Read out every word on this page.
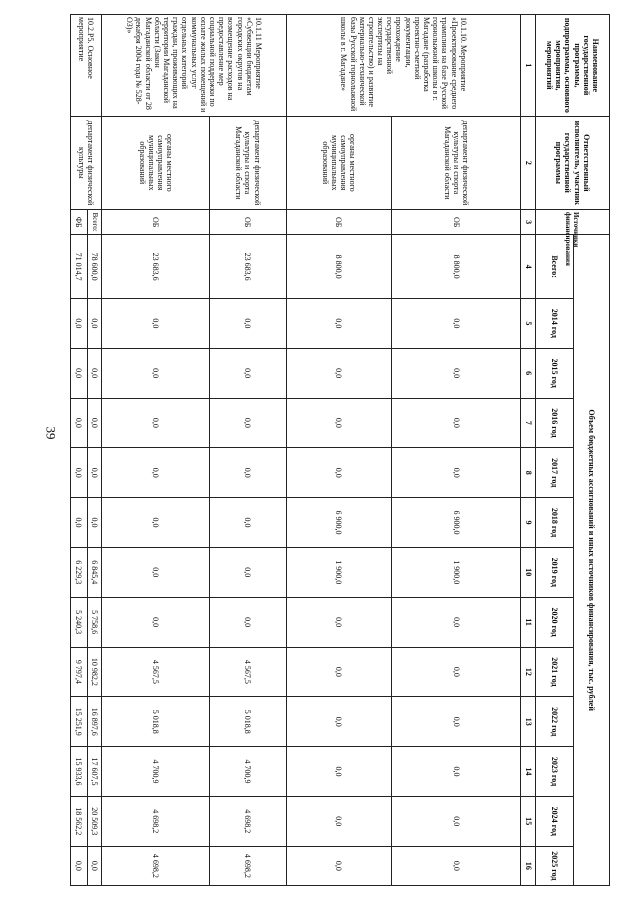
39
Наименование государственной программы, подпрограммы, основного мероприятия, мероприятий	Ответственный исполнитель, участник государственной программы	Источники финансирования	Объем бюджетных ассигнований и иных источников финансирования, тыс. рублей												
			Всего:	2014 год	2015 год	2016 год	2017 год	2018 год	2019 год	2020 год	2021 год	2022 год	2023 год	2024 год	2025 год
1	2	3	4	5	6	7	8	9	10	11	12	13	14	15	16
10.1.10. Мероприятие «Проектирование среднего трамплина на базе Русской горнолыжной школы в г. Магадане (разработка проектно-сметной документации, прохождение государственной экспертизы на строительство) и развитие материально-технической базы Русской горнолыжной школы в г. Магадане»	департамент физической культуры и спорта Магаданской области	ОБ	8 800,0	0,0	0,0	0,0	0,0	6 900,0	1 900,0	0,0	0,0	0,0	0,0	0,0	0,0
	органы местного самоуправления муниципальных образований	ОБ	8 800,0	0,0	0,0	0,0	0,0	6 900,0	1 900,0	0,0	0,0	0,0	0,0	0,0	0,0
10.1.11 Мероприятие «Субвенции бюджетам городских округов на возмещение расходов на предоставление мер социальной поддержки по оплате жилых помещений и коммунальных услуг отдельных категорий граждан, проживающих на территории Магаданской области (Закон Магаданской области от 28 декабря 2004 года № 528-ОЗ)»	департамент физической культуры и спорта Магаданской области	ОБ	23 683,6	0,0	0,0	0,0	0,0	0,0	0,0	0,0	4 567,5	5 018,8	4 700,9	4 698,2	4 698,2
	органы местного самоуправления муниципальных образований	ОБ	23 683,6	0,0	0,0	0,0	0,0	0,0	0,0	0,0	4 567,5	5 018,8	4 700,9	4 698,2	4 698,2
10.2.Р5. Основное мероприятие	департамент физической культуры	Всего:	78 600,0	0,0	0,0	0,0	0,0	0,0	6 845,4	5 758,6	10 982,2	16 897,6	17 607,5	20 509,3	0,0
		ФБ	71 014,7	0,0	0,0	0,0	0,0	0,0	6 229,3	5 240,3	9 797,4	15 251,9	15 933,6	18 562,2	0,0
